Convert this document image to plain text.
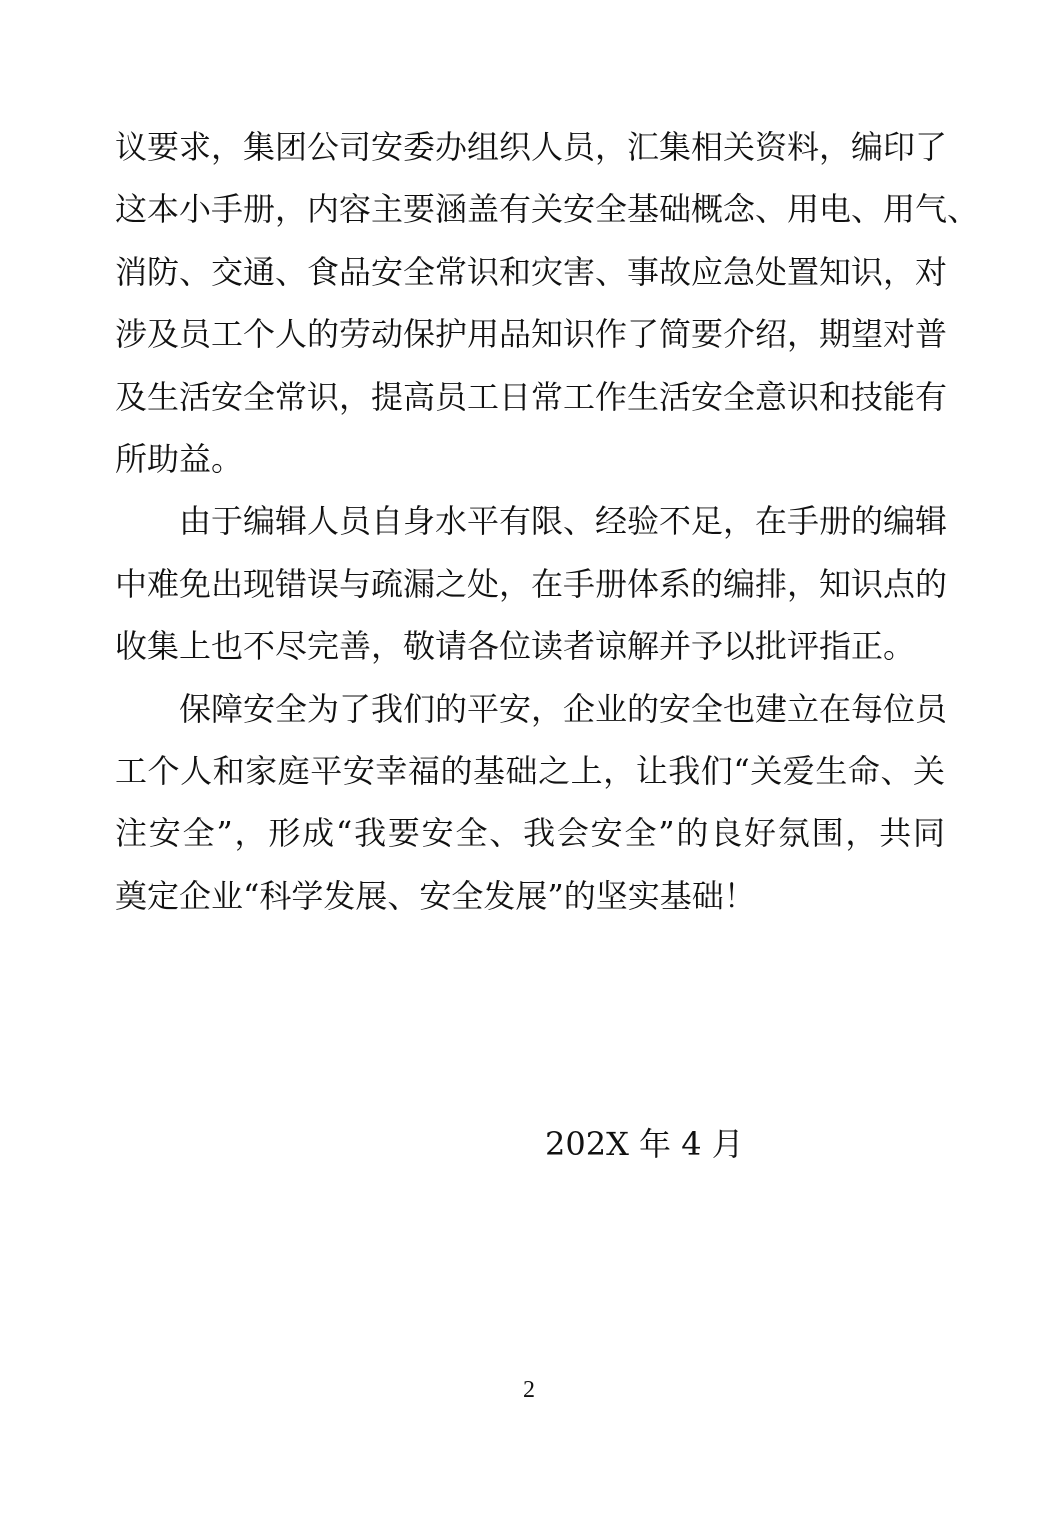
议要求，集团公司安委办组织人员，汇集相关资料，编印了
这本小手册，内容主要涵盖有关安全基础概念、用电、用气、
消防、交通、食品安全常识和灾害、事故应急处置知识，对
涉及员工个人的劳动保护用品知识作了简要介绍，期望对普
及生活安全常识，提高员工日常工作生活安全意识和技能有
所助益。
由于编辑人员自身水平有限、经验不足，在手册的编辑
中难免出现错误与疏漏之处，在手册体系的编排，知识点的
收集上也不尽完善，敬请各位读者谅解并予以批评指正。
保障安全为了我们的平安，企业的安全也建立在每位员
工个人和家庭平安幸福的基础之上，让我们“关爱生命、关
注安全”，形成“我要安全、我会安全”的良好氛围，共同
奠定企业“科学发展、安全发展”的坚实基础！
202X 年 4 月
2
